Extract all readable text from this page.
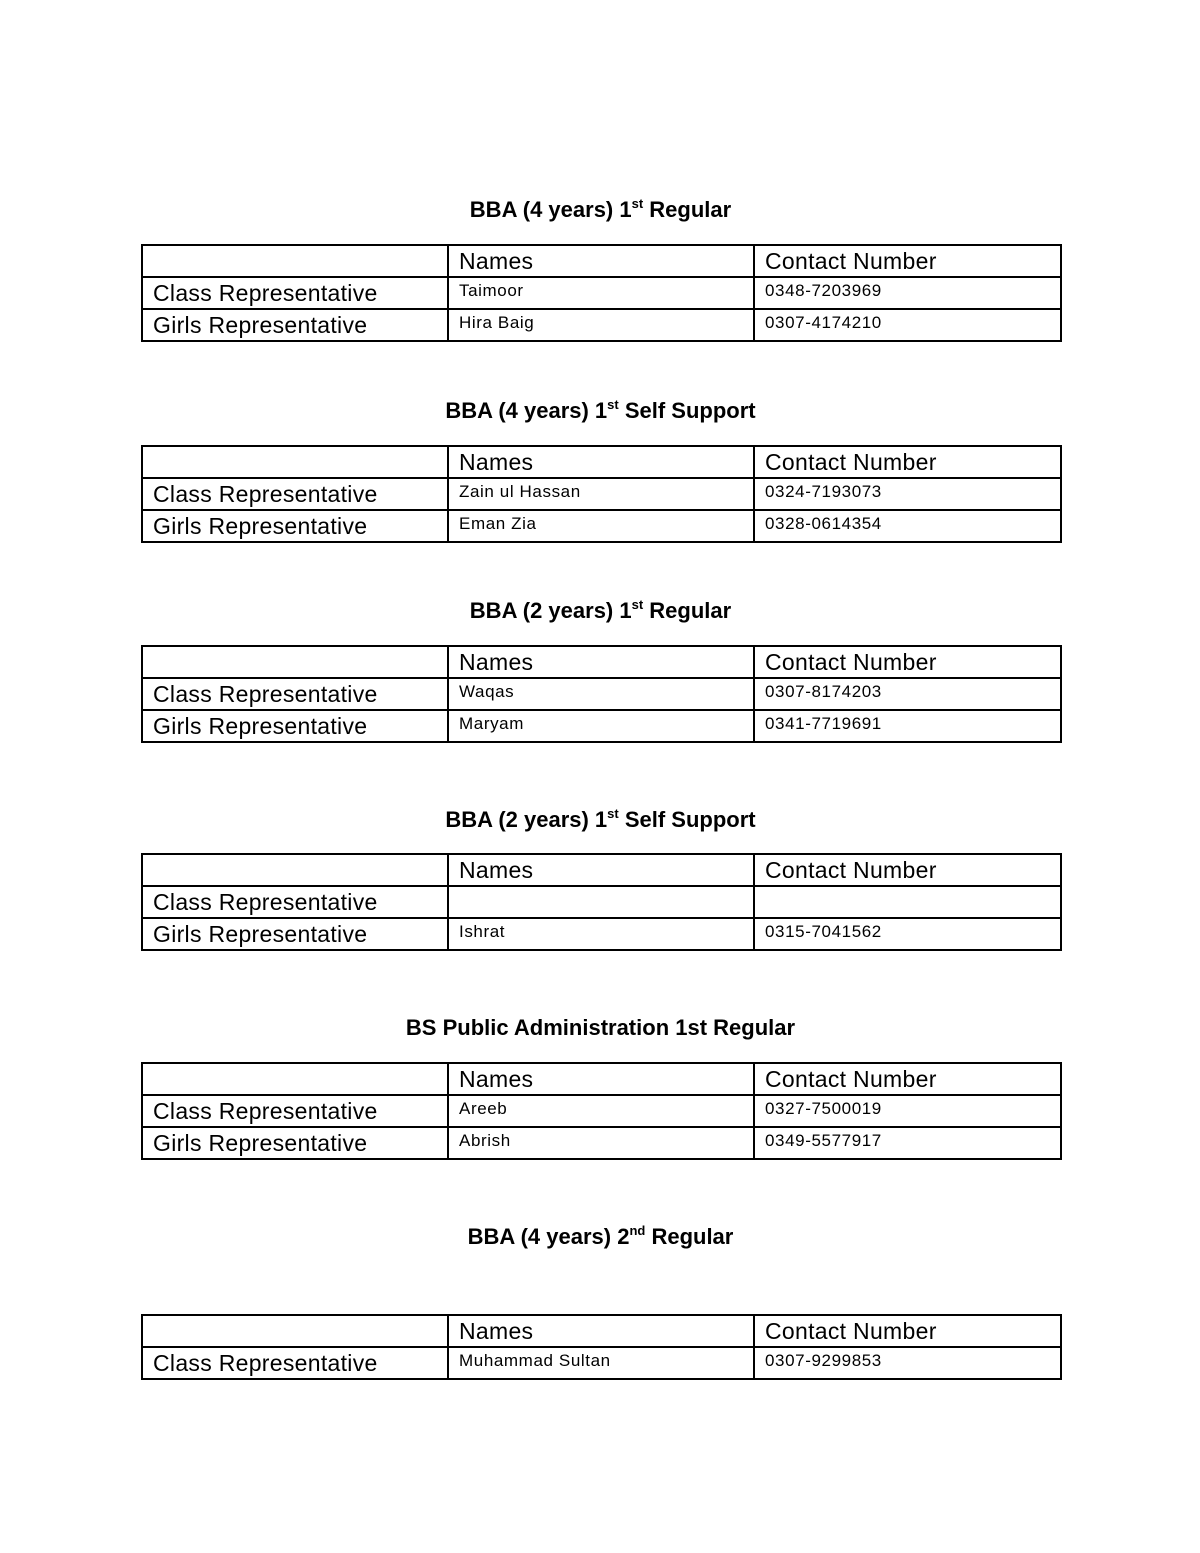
BBA (4 years) 1st Regular
	Names	Contact Number
Class Representative	Taimoor	0348-7203969
Girls Representative	Hira Baig	0307-4174210
BBA (4 years) 1st Self Support
	Names	Contact Number
Class Representative	Zain ul Hassan	0324-7193073
Girls Representative	Eman Zia	0328-0614354
BBA (2 years) 1st Regular
	Names	Contact Number
Class Representative	Waqas	0307-8174203
Girls Representative	Maryam	0341-7719691
BBA (2 years) 1st Self Support
	Names	Contact Number
Class Representative		
Girls Representative	Ishrat	0315-7041562
BS Public Administration 1st Regular
	Names	Contact Number
Class Representative	Areeb	0327-7500019
Girls Representative	Abrish	0349-5577917
BBA (4 years) 2nd Regular
	Names	Contact Number
Class Representative	Muhammad Sultan	0307-9299853
